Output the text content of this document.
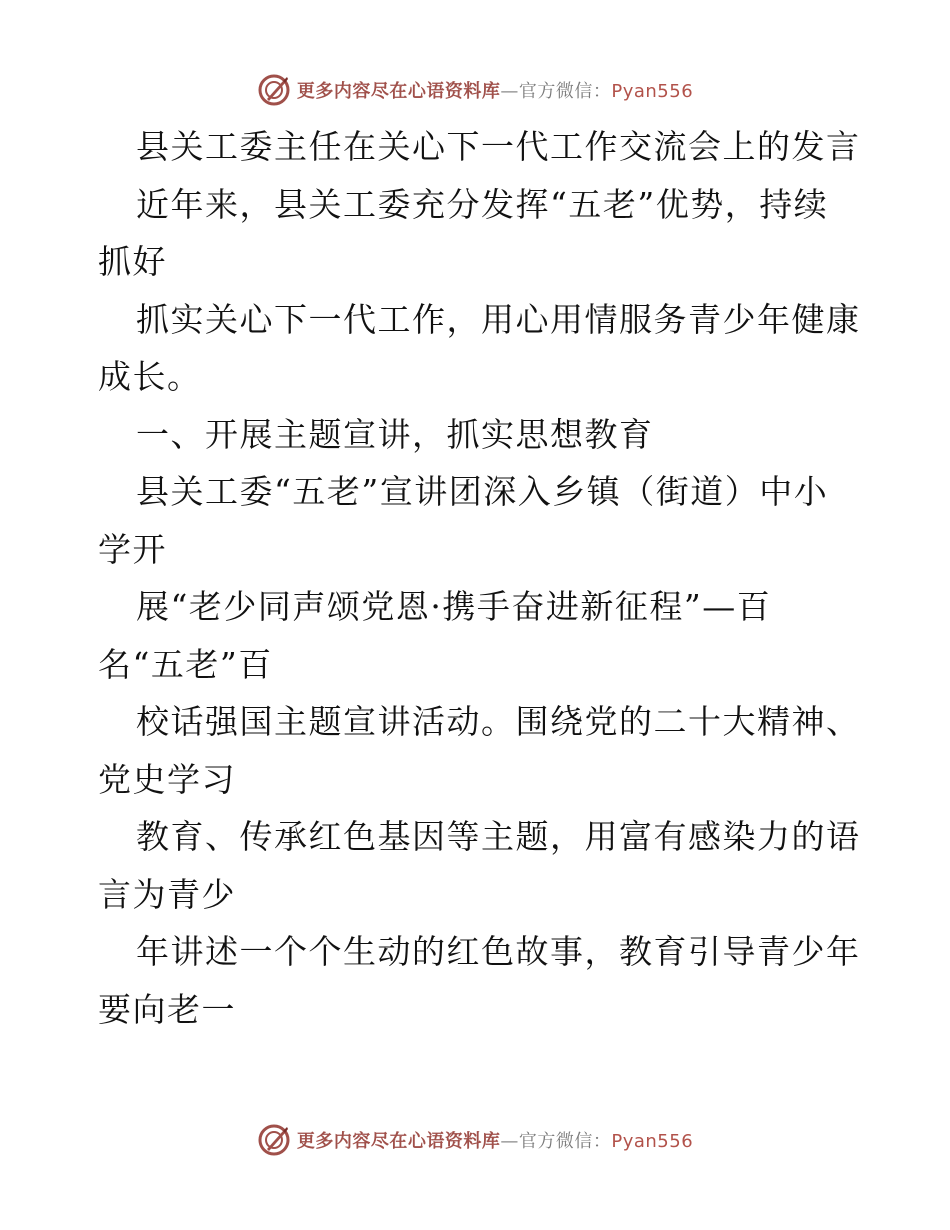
更多内容尽在心语资料库—官方微信：Pyan556
县关工委主任在关心下一代工作交流会上的发言
近年来，县关工委充分发挥“五老”优势，持续
抓好
抓实关心下一代工作，用心用情服务青少年健康
成长。
一、开展主题宣讲，抓实思想教育
县关工委“五老”宣讲团深入乡镇（街道）中小
学开
展“老少同声颂党恩·携手奋进新征程”—百
名“五老”百
校话强国主题宣讲活动。围绕党的二十大精神、
党史学习
教育、传承红色基因等主题，用富有感染力的语
言为青少
年讲述一个个生动的红色故事，教育引导青少年
要向老一
更多内容尽在心语资料库—官方微信：Pyan556
